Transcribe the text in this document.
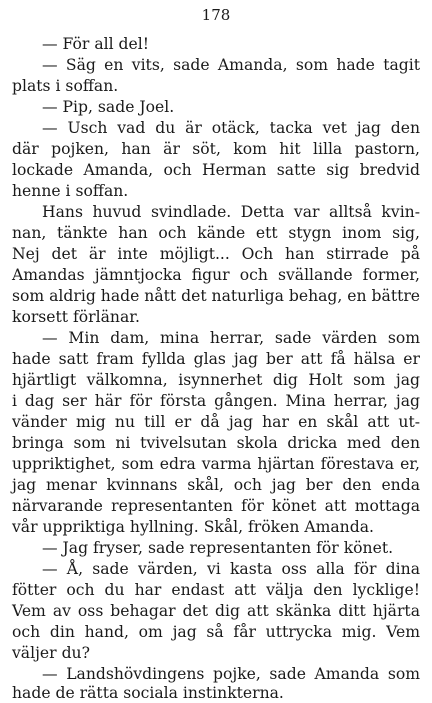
178
— För all del!
— Säg en vits, sade Amanda, som hade tagit
plats i soffan.
— Pip, sade Joel.
— Usch vad du är otäck, tacka vet jag den
där pojken, han är söt, kom hit lilla pastorn,
lockade Amanda, och Herman satte sig bredvid
henne i soffan.
Hans huvud svindlade. Detta var alltså kvin-
nan, tänkte han och kände ett stygn inom sig,
Nej det är inte möjligt... Och han stirrade på
Amandas jämntjocka figur och svällande former,
som aldrig hade nått det naturliga behag, en bättre
korsett förlänar.
— Min dam, mina herrar, sade värden som
hade satt fram fyllda glas jag ber att få hälsa er
hjärtligt välkomna, isynnerhet dig Holt som jag
i dag ser här för första gången. Mina herrar, jag
vänder mig nu till er då jag har en skål att ut-
bringa som ni tvivelsutan skola dricka med den
uppriktighet, som edra varma hjärtan förestava er,
jag menar kvinnans skål, och jag ber den enda
närvarande representanten för könet att mottaga
vår uppriktiga hyllning. Skål, fröken Amanda.
— Jag fryser, sade representanten för könet.
— Å, sade värden, vi kasta oss alla för dina
fötter och du har endast att välja den lycklige!
Vem av oss behagar det dig att skänka ditt hjärta
och din hand, om jag så får uttrycka mig. Vem
väljer du?
— Landshövdingens pojke, sade Amanda som
hade de rätta sociala instinkterna.
